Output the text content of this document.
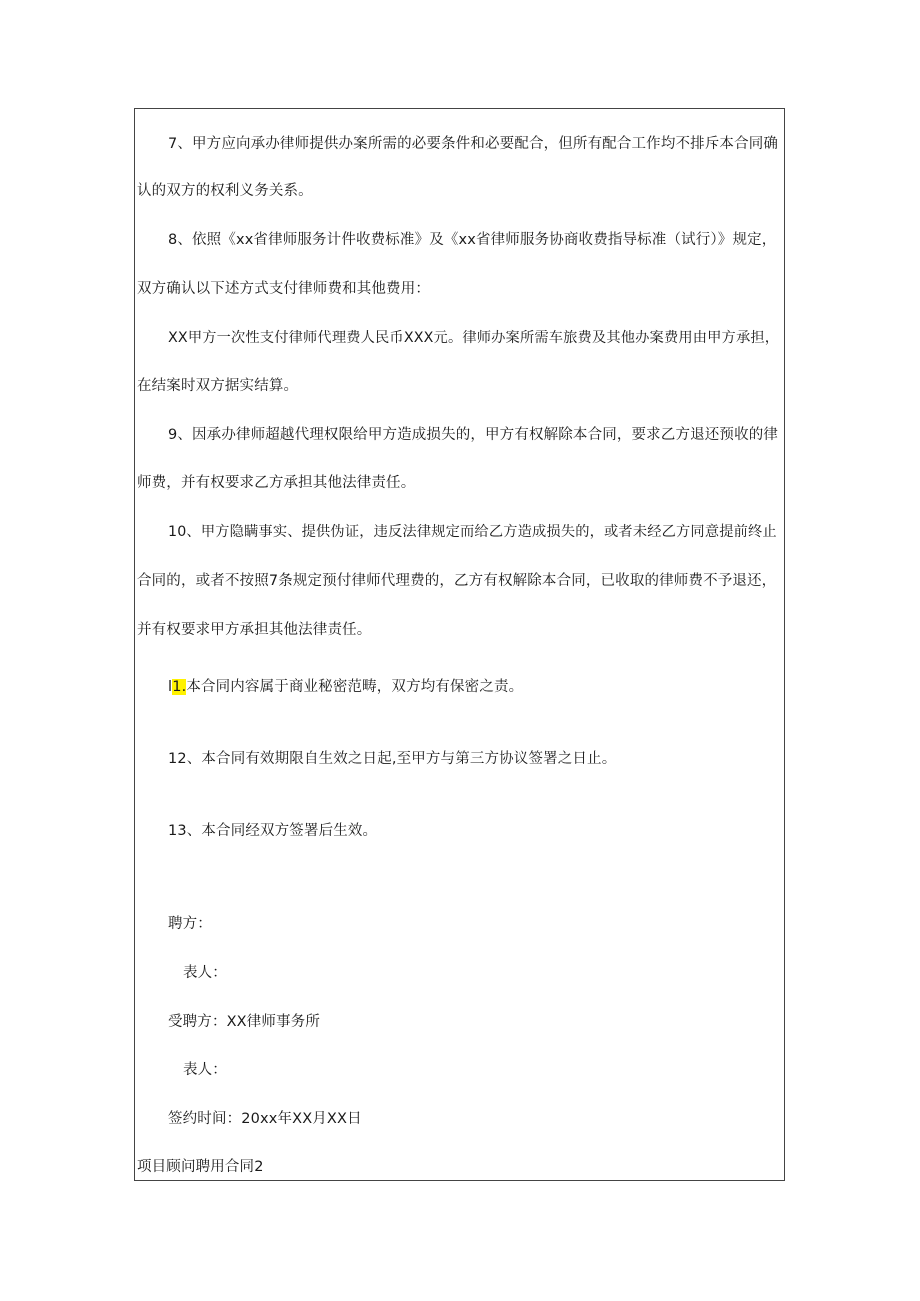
7、甲方应向承办律师提供办案所需的必要条件和必要配合，但所有配合工作均不排斥本合同确
认的双方的权利义务关系。
8、依照《xx省律师服务计件收费标准》及《xx省律师服务协商收费指导标准（试行）》规定，
双方确认以下述方式支付律师费和其他费用：
XX甲方一次性支付律师代理费人民币XXX元。律师办案所需车旅费及其他办案费用由甲方承担，
在结案时双方据实结算。
9、因承办律师超越代理权限给甲方造成损失的，甲方有权解除本合同，要求乙方退还预收的律
师费，并有权要求乙方承担其他法律责任。
10、甲方隐瞒事实、提供伪证，违反法律规定而给乙方造成损失的，或者未经乙方同意提前终止
合同的，或者不按照7条规定预付律师代理费的，乙方有权解除本合同，已收取的律师费不予退还，
并有权要求甲方承担其他法律责任。
l1.本合同内容属于商业秘密范畴，双方均有保密之责。
12、本合同有效期限自生效之日起,至甲方与第三方协议签署之日止。
13、本合同经双方签署后生效。
聘方：
表人：
受聘方：XX律师事务所
表人：
签约时间：20xx年XX月XX日
项目顾问聘用合同2
